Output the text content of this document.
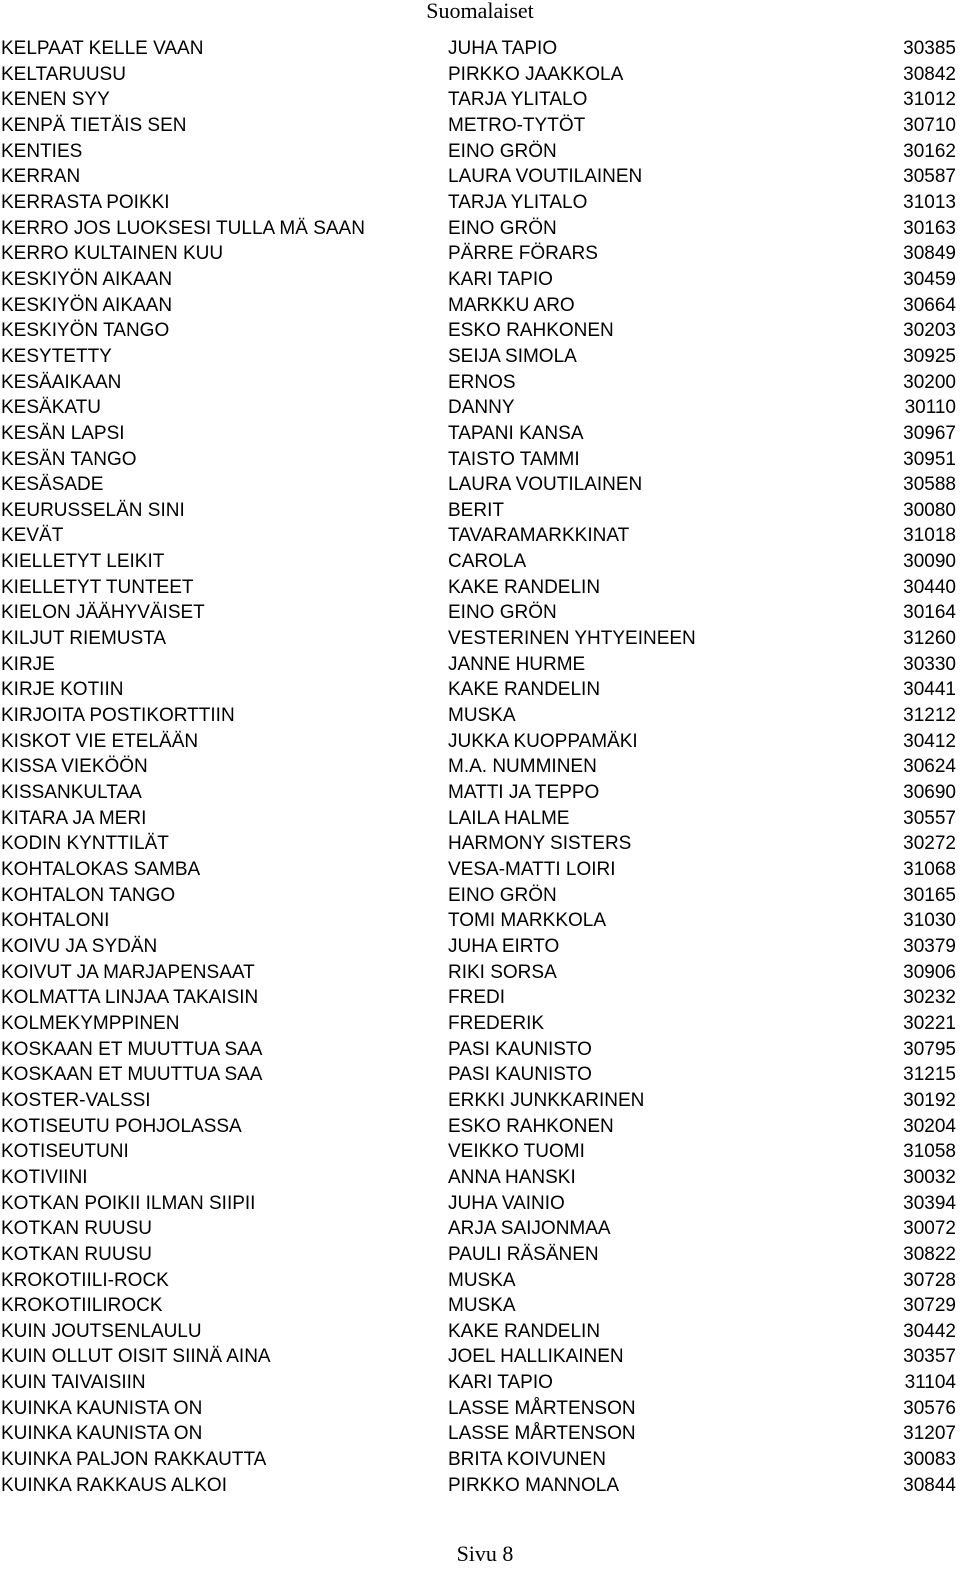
Suomalaiset
KELPAAT KELLE VAAN	JUHA TAPIO	30385
KELTARUUSU	PIRKKO JAAKKOLA	30842
KENEN SYY	TARJA YLITALO	31012
KENPÄ TIETÄIS SEN	METRO-TYTÖT	30710
KENTIES	EINO GRÖN	30162
KERRAN	LAURA VOUTILAINEN	30587
KERRASTA POIKKI	TARJA YLITALO	31013
KERRO JOS LUOKSESI TULLA MÄ SAAN	EINO GRÖN	30163
KERRO KULTAINEN KUU	PÄRRE FÖRARS	30849
KESKIYÖN AIKAAN	KARI TAPIO	30459
KESKIYÖN AIKAAN	MARKKU ARO	30664
KESKIYÖN TANGO	ESKO RAHKONEN	30203
KESYTETTY	SEIJA SIMOLA	30925
KESÄAIKAAN	ERNOS	30200
KESÄKATU	DANNY	30110
KESÄN LAPSI	TAPANI KANSA	30967
KESÄN TANGO	TAISTO TAMMI	30951
KESÄSADE	LAURA VOUTILAINEN	30588
KEURUSSELÄN SINI	BERIT	30080
KEVÄT	TAVARAMARKKINAT	31018
KIELLETYT LEIKIT	CAROLA	30090
KIELLETYT TUNTEET	KAKE RANDELIN	30440
KIELON JÄÄHYVÄISET	EINO GRÖN	30164
KILJUT RIEMUSTA	VESTERINEN YHTYEINEEN	31260
KIRJE	JANNE HURME	30330
KIRJE KOTIIN	KAKE RANDELIN	30441
KIRJOITA POSTIKORTTIIN	MUSKA	31212
KISKOT VIE ETELÄÄN	JUKKA KUOPPAMÄKI	30412
KISSA VIEKÖÖN	M.A. NUMMINEN	30624
KISSANKULTAA	MATTI JA TEPPO	30690
KITARA JA MERI	LAILA HALME	30557
KODIN KYNTTILÄT	HARMONY SISTERS	30272
KOHTALOKAS SAMBA	VESA-MATTI LOIRI	31068
KOHTALON TANGO	EINO GRÖN	30165
KOHTALONI	TOMI MARKKOLA	31030
KOIVU JA SYDÄN	JUHA EIRTO	30379
KOIVUT JA MARJAPENSAAT	RIKI SORSA	30906
KOLMATTA LINJAA TAKAISIN	FREDI	30232
KOLMEKYMPPINEN	FREDERIK	30221
KOSKAAN ET MUUTTUA SAA	PASI KAUNISTO	30795
KOSKAAN ET MUUTTUA SAA	PASI KAUNISTO	31215
KOSTER-VALSSI	ERKKI JUNKKARINEN	30192
KOTISEUTU POHJOLASSA	ESKO RAHKONEN	30204
KOTISEUTUNI	VEIKKO TUOMI	31058
KOTIVIINI	ANNA HANSKI	30032
KOTKAN POIKII ILMAN SIIPII	JUHA VAINIO	30394
KOTKAN RUUSU	ARJA SAIJONMAA	30072
KOTKAN RUUSU	PAULI RÄSÄNEN	30822
KROKOTIILI-ROCK	MUSKA	30728
KROKOTIILIROCK	MUSKA	30729
KUIN JOUTSENLAULU	KAKE RANDELIN	30442
KUIN OLLUT OISIT SIINÄ AINA	JOEL HALLIKAINEN	30357
KUIN TAIVAISIIN	KARI TAPIO	31104
KUINKA KAUNISTA ON	LASSE MÅRTENSON	30576
KUINKA KAUNISTA ON	LASSE MÅRTENSON	31207
KUINKA PALJON RAKKAUTTA	BRITA KOIVUNEN	30083
KUINKA RAKKAUS ALKOI	PIRKKO MANNOLA	30844
Sivu 8
